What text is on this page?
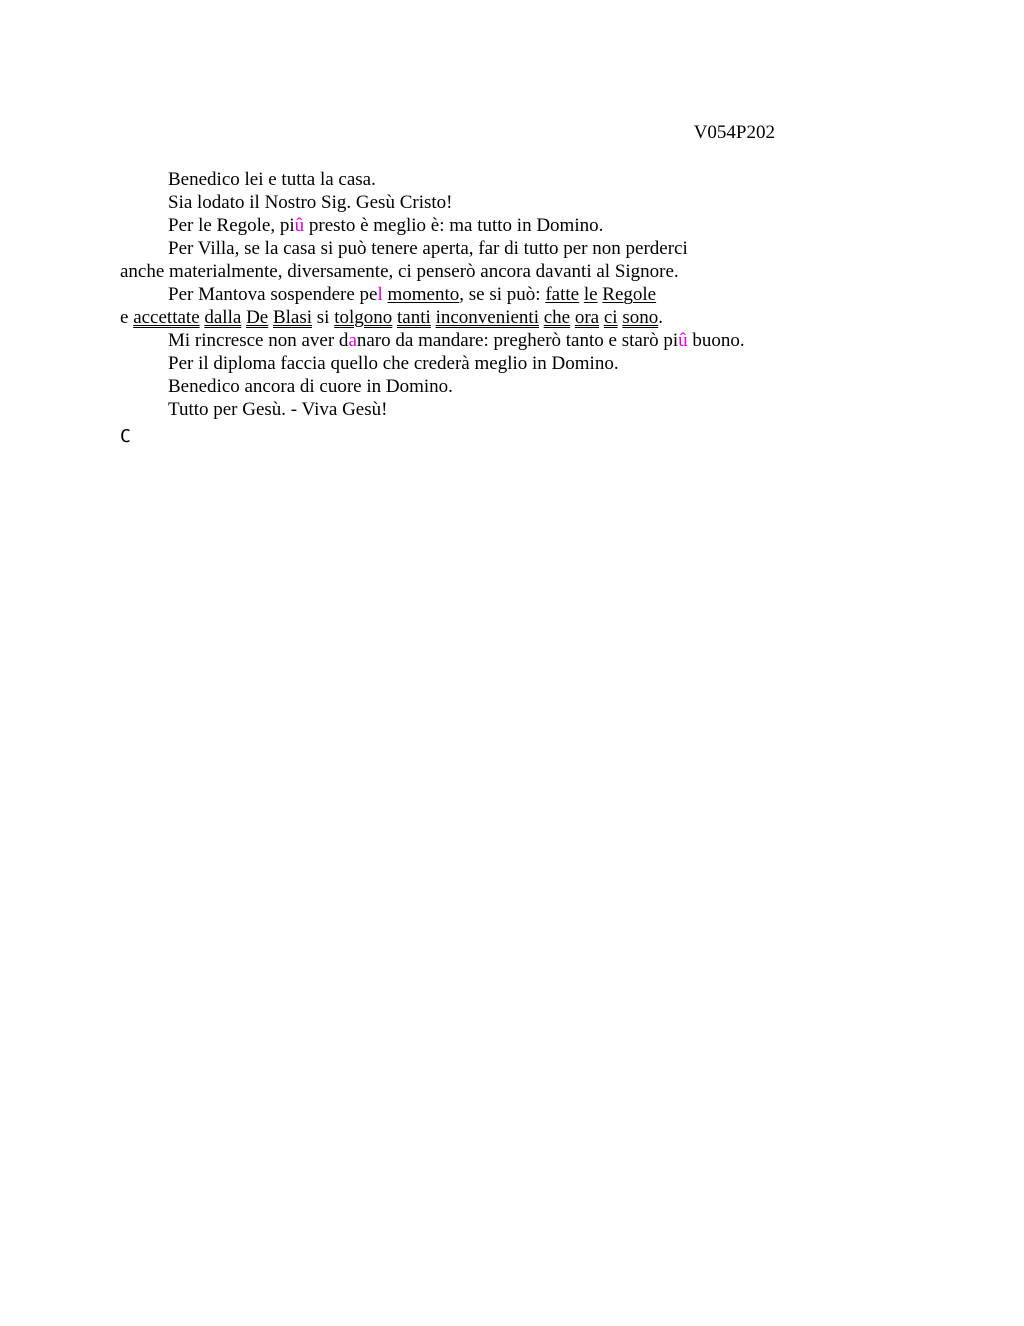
V054P202
Benedico lei e tutta la casa.
Sia lodato il Nostro Sig. Gesù Cristo!
Per le Regole, piû presto è meglio è: ma tutto in Domino.
Per Villa, se la casa si può tenere aperta, far di tutto per non perderci
anche materialmente, diversamente, ci penserò ancora davanti al Signore.
Per Mantova sospendere pel momento, se si può: fatte le Regole
e accettate dalla De Blasi si tolgono tanti inconvenienti che ora ci sono.
Mi rincresce non aver danaro da mandare: pregherò tanto e starò piû buono.
Per il diploma faccia quello che crederà meglio in Domino.
Benedico ancora di cuore in Domino.
Tutto per Gesù. - Viva Gesù!
C
